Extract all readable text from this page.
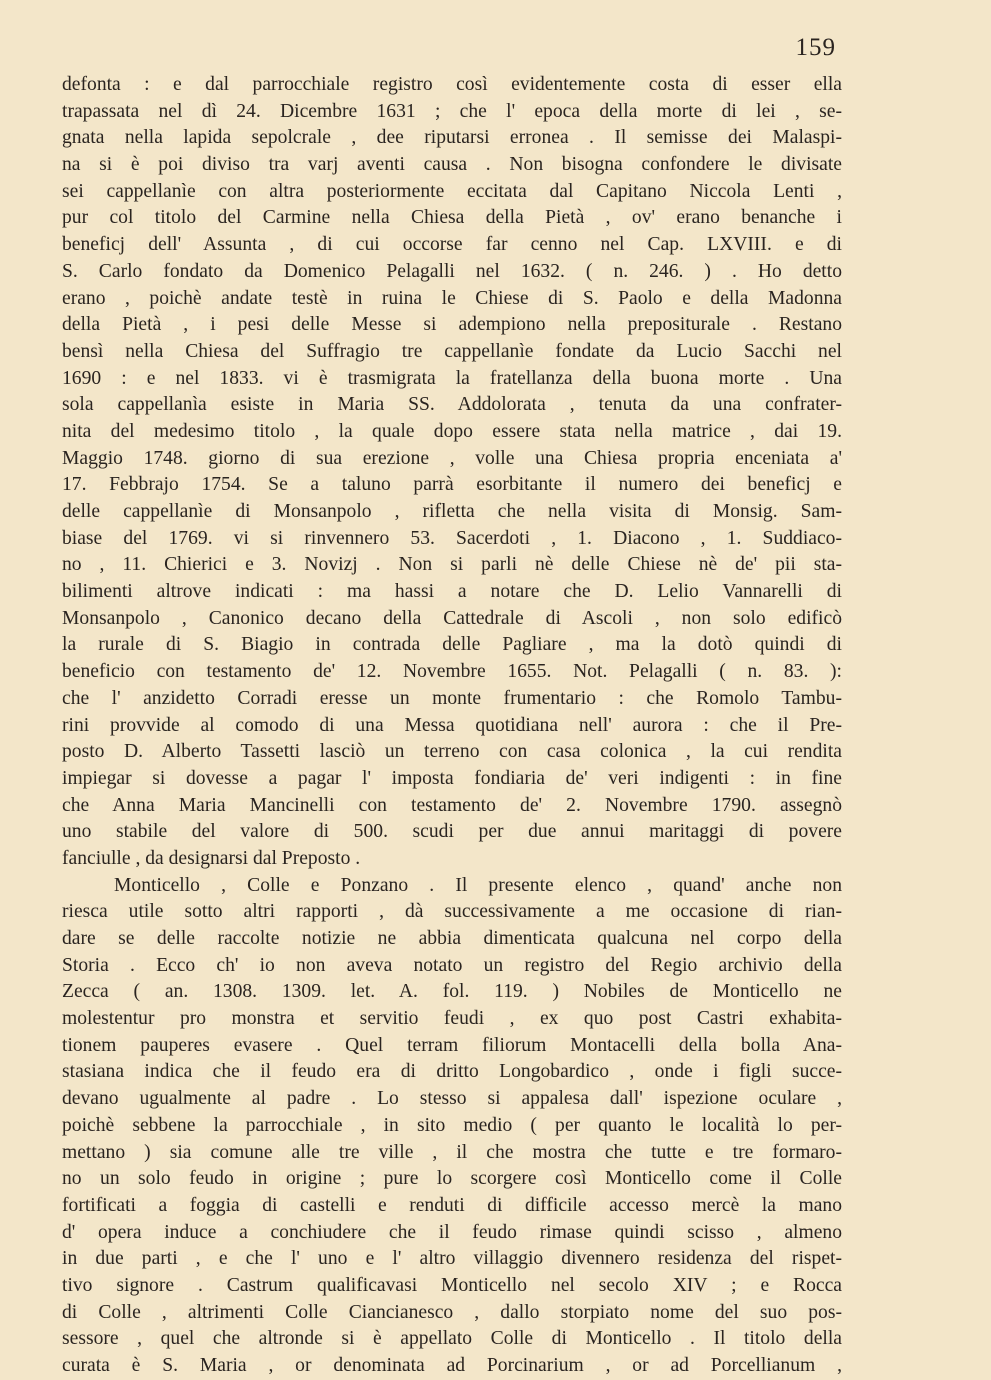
159
defonta : e dal parrocchiale registro così evidentemente costa di esser ella
trapassata nel dì 24. Dicembre 1631 ; che l' epoca della morte di lei , se-
gnata nella lapida sepolcrale , dee riputarsi erronea . Il semisse dei Malaspi-
na si è poi diviso tra varj aventi causa . Non bisogna confondere le divisate
sei cappellanìe con altra posteriormente eccitata dal Capitano Niccola Lenti ,
pur col titolo del Carmine nella Chiesa della Pietà , ov' erano benanche i
beneficj dell' Assunta , di cui occorse far cenno nel Cap. LXVIII. e di
S. Carlo fondato da Domenico Pelagalli nel 1632. ( n. 246. ) . Ho detto
erano , poichè andate testè in ruina le Chiese di S. Paolo e della Madonna
della Pietà , i pesi delle Messe si adempiono nella prepositurale . Restano
bensì nella Chiesa del Suffragio tre cappellanìe fondate da Lucio Sacchi nel
1690 : e nel 1833. vi è trasmigrata la fratellanza della buona morte . Una
sola cappellanìa esiste in Maria SS. Addolorata , tenuta da una confrater-
nita del medesimo titolo , la quale dopo essere stata nella matrice , dai 19.
Maggio 1748. giorno di sua erezione , volle una Chiesa propria enceniata a'
17. Febbrajo 1754. Se a taluno parrà esorbitante il numero dei beneficj e
delle cappellanìe di Monsanpolo , rifletta che nella visita di Monsig. Sam-
biase del 1769. vi si rinvennero 53. Sacerdoti , 1. Diacono , 1. Suddiaco-
no , 11. Chierici e 3. Novizj . Non si parli nè delle Chiese nè de' pii sta-
bilimenti altrove indicati : ma hassi a notare che D. Lelio Vannarelli di
Monsanpolo , Canonico decano della Cattedrale di Ascoli , non solo edificò
la rurale di S. Biagio in contrada delle Pagliare , ma la dotò quindi di
beneficio con testamento de' 12. Novembre 1655. Not. Pelagalli ( n. 83. ):
che l' anzidetto Corradi eresse un monte frumentario : che Romolo Tambu-
rini provvide al comodo di una Messa quotidiana nell' aurora : che il Pre-
posto D. Alberto Tassetti lasciò un terreno con casa colonica , la cui rendita
impiegar si dovesse a pagar l' imposta fondiaria de' veri indigenti : in fine
che Anna Maria Mancinelli con testamento de' 2. Novembre 1790. assegnò
uno stabile del valore di 500. scudi per due annui maritaggi di povere
fanciulle , da designarsi dal Preposto .
Monticello , Colle e Ponzano . Il presente elenco , quand' anche non
riesca utile sotto altri rapporti , dà successivamente a me occasione di rian-
dare se delle raccolte notizie ne abbia dimenticata qualcuna nel corpo della
Storia . Ecco ch' io non aveva notato un registro del Regio archivio della
Zecca ( an. 1308. 1309. let. A. fol. 119. ) Nobiles de Monticello ne
molestentur pro monstra et servitio feudi , ex quo post Castri exhabita-
tionem pauperes evasere . Quel terram filiorum Montacelli della bolla Ana-
stasiana indica che il feudo era di dritto Longobardico , onde i figli succe-
devano ugualmente al padre . Lo stesso si appalesa dall' ispezione oculare ,
poichè sebbene la parrocchiale , in sito medio ( per quanto le località lo per-
mettano ) sia comune alle tre ville , il che mostra che tutte e tre formaro-
no un solo feudo in origine ; pure lo scorgere così Monticello come il Colle
fortificati a foggia di castelli e renduti di difficile accesso mercè la mano
d' opera induce a conchiudere che il feudo rimase quindi scisso , almeno
in due parti , e che l' uno e l' altro villaggio divennero residenza del rispet-
tivo signore . Castrum qualificavasi Monticello nel secolo XIV ; e Rocca
di Colle , altrimenti Colle Ciancianesco , dallo storpiato nome del suo pos-
sessore , quel che altronde si è appellato Colle di Monticello . Il titolo della
curata è S. Maria , or denominata ad Porcinarium , or ad Porcellianum ,
